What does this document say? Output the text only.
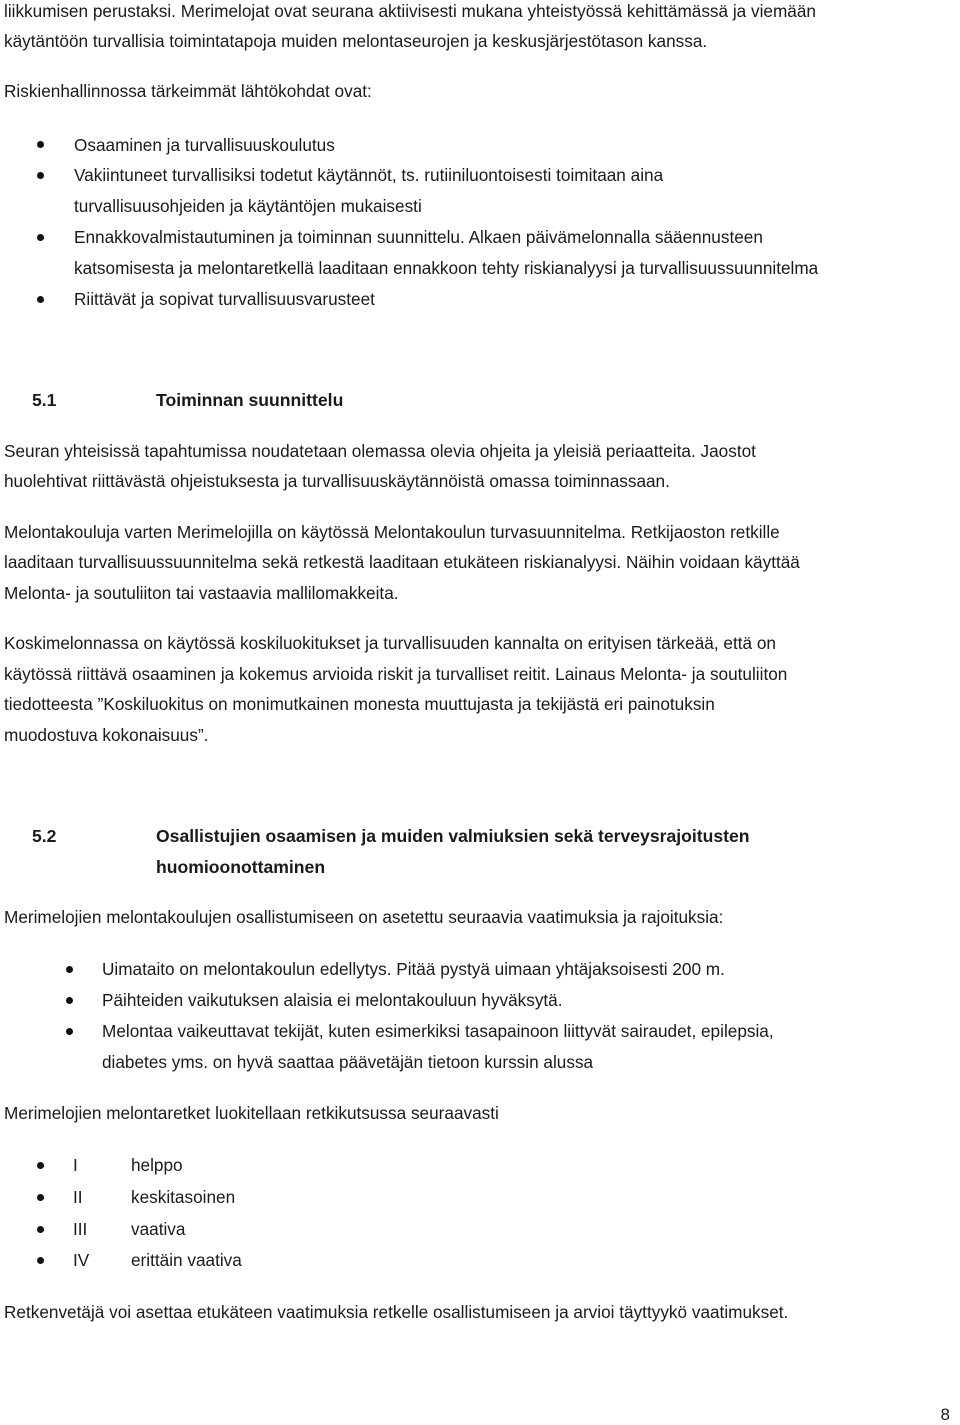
liikkumisen perustaksi. Merimelojat ovat seurana aktiivisesti mukana yhteistyössä kehittämässä ja viemään
käytäntöön turvallisia toimintatapoja muiden melontaseurojen ja keskusjärjestötason kanssa.
Riskienhallinnossa tärkeimmät lähtökohdat ovat:
Osaaminen ja turvallisuuskoulutus
Vakiintuneet turvallisiksi todetut käytännöt, ts. rutiiniluontoisesti toimitaan aina
turvallisuusohjeiden ja käytäntöjen mukaisesti
Ennakkovalmistautuminen ja toiminnan suunnittelu. Alkaen päivämelonnalla sääennusteen
katsomisesta ja melontaretkellä laaditaan ennakkoon tehty riskianalyysi ja turvallisuussuunnitelma
Riittävät ja sopivat turvallisuusvarusteet
5.1	Toiminnan suunnittelu
Seuran yhteisissä tapahtumissa noudatetaan olemassa olevia ohjeita ja yleisiä periaatteita. Jaostot
huolehtivat riittävästä ohjeistuksesta ja turvallisuuskäytännöistä omassa toiminnassaan.
Melontakouluja varten Merimelojilla on käytössä Melontakoulun turvasuunnitelma. Retkijaoston retkille
laaditaan turvallisuussuunnitelma sekä retkestä laaditaan etukäteen riskianalyysi. Näihin voidaan käyttää
Melonta- ja soutuliiton tai vastaavia mallilomakkeita.
Koskimelonnassa on käytössä koskiluokitukset ja turvallisuuden kannalta on erityisen tärkeää, että on
käytössä riittävä osaaminen ja kokemus arvioida riskit ja turvalliset reitit. Lainaus Melonta- ja soutuliiton
tiedotteesta ”Koskiluokitus on monimutkainen monesta muuttujasta ja tekijästä eri painotuksin
muodostuva kokonaisuus”.
5.2	Osallistujien osaamisen ja muiden valmiuksien sekä terveysrajoitusten
huomioonottaminen
Merimelojien melontakoulujen osallistumiseen on asetettu seuraavia vaatimuksia ja rajoituksia:
Uimataito on melontakoulun edellytys. Pitää pystyä uimaan yhtäjaksoisesti 200 m.
Päihteiden vaikutuksen alaisia ei melontakouluun hyväksytä.
Melontaa vaikeuttavat tekijät, kuten esimerkiksi tasapainoon liittyvät sairaudet, epilepsia,
diabetes yms. on hyvä saattaa päävetäjän tietoon kurssin alussa
Merimelojien melontaretket luokitellaan retkikutsussa seuraavasti
I	helppo
II	keskitasoinen
III	vaativa
IV erittäin vaativa
Retkenvetäjä voi asettaa etukäteen vaatimuksia retkelle osallistumiseen ja arvioi täyttyykö vaatimukset.
8
